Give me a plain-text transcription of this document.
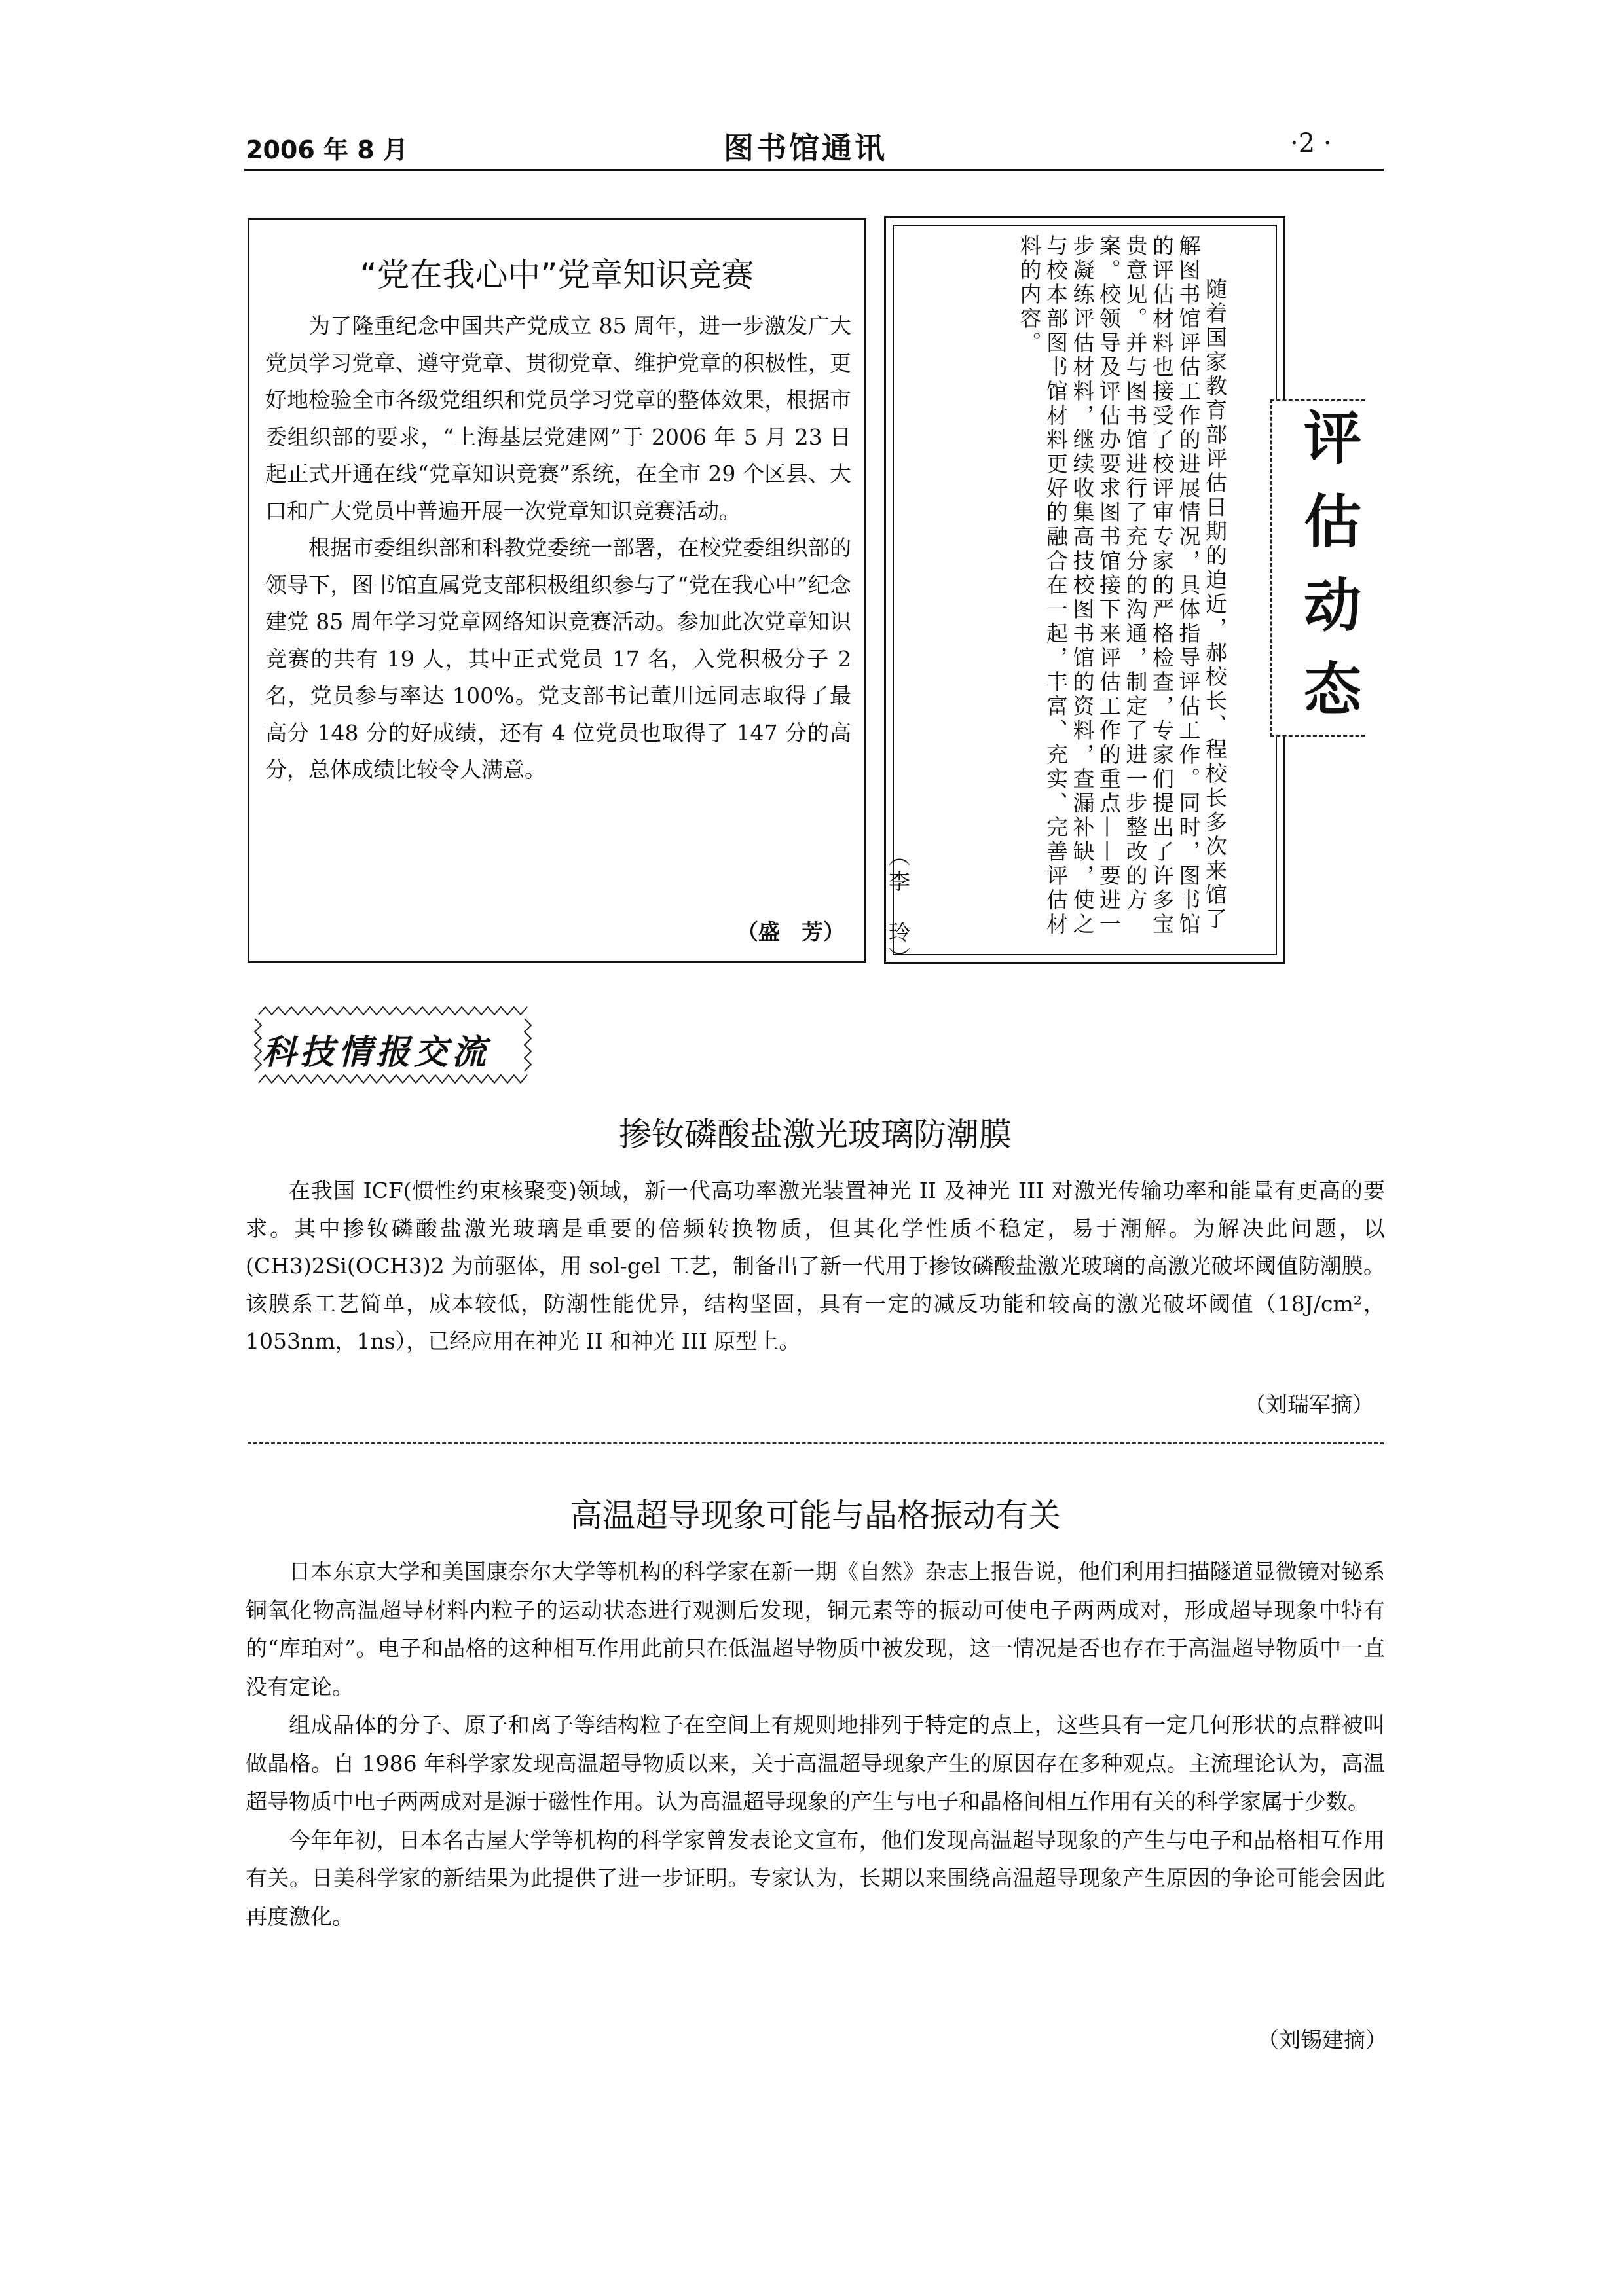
2006 年 8 月	图书馆通讯	·2 ·
“党在我心中”党章知识竞赛

为了隆重纪念中国共产党成立 85 周年，进一步激发广大党员学习党章、遵守党章、贯彻党章、维护党章的积极性，更好地检验全市各级党组织和党员学习党章的整体效果，根据市委组织部的要求，“上海基层党建网”于 2006 年 5 月 23 日起正式开通在线“党章知识竞赛”系统，在全市 29 个区县、大口和广大党员中普遍开展一次党章知识竞赛活动。

根据市委组织部和科教党委统一部署，在校党委组织部的领导下，图书馆直属党支部积极组织参与了“党在我心中”纪念建党 85 周年学习党章网络知识竞赛活动。参加此次党章知识竞赛的共有 19 人，其中正式党员 17 名，入党积极分子 2 名，党员参与率达 100%。党支部书记董川远同志取得了最高分 148 分的好成绩，还有 4 位党员也取得了 147 分的高分，总体成绩比较令人满意。

（盛　芳）

随着国家教育部评估日期的迫近，郝校长、程校长多次来馆了解图书馆评估工作的进展情况，具体指导评估工作。同时，图书馆的评估材料也接受了校评审专家的严格检查，专家们提出了许多宝贵意见。并与图书馆进行了充分的沟通，制定了进一步整改的方案。校领导及评估办要求图书馆接下来评估工作的重点——要进一步凝练评估材料，继续收集高技校图书馆的资料，查漏补缺，使之与校本部图书馆材料更好的融合在一起，丰富、充实、完善评估材料的内容。

（李　玲）
评估动态
科技情报交流
掺钕磷酸盐激光玻璃防潮膜

在我国 ICF(惯性约束核聚变)领域，新一代高功率激光装置神光 II 及神光 III 对激光传输功率和能量有更高的要求。其中掺钕磷酸盐激光玻璃是重要的倍频转换物质，但其化学性质不稳定，易于潮解。为解决此问题，以(CH3)2Si(OCH3)2 为前驱体，用 sol-gel 工艺，制备出了新一代用于掺钕磷酸盐激光玻璃的高激光破坏阈值防潮膜。该膜系工艺简单，成本较低，防潮性能优异，结构坚固，具有一定的减反功能和较高的激光破坏阈值（18J/cm²，1053nm，1ns），已经应用在神光 II 和神光 III 原型上。

（刘瑞军摘）
高温超导现象可能与晶格振动有关

日本东京大学和美国康奈尔大学等机构的科学家在新一期《自然》杂志上报告说，他们利用扫描隧道显微镜对铋系铜氧化物高温超导材料内粒子的运动状态进行观测后发现，铜元素等的振动可使电子两两成对，形成超导现象中特有的“库珀对”。电子和晶格的这种相互作用此前只在低温超导物质中被发现，这一情况是否也存在于高温超导物质中一直没有定论。

组成晶体的分子、原子和离子等结构粒子在空间上有规则地排列于特定的点上，这些具有一定几何形状的点群被叫做晶格。自 1986 年科学家发现高温超导物质以来，关于高温超导现象产生的原因存在多种观点。主流理论认为，高温超导物质中电子两两成对是源于磁性作用。认为高温超导现象的产生与电子和晶格间相互作用有关的科学家属于少数。

今年年初，日本名古屋大学等机构的科学家曾发表论文宣布，他们发现高温超导现象的产生与电子和晶格相互作用有关。日美科学家的新结果为此提供了进一步证明。专家认为，长期以来围绕高温超导现象产生原因的争论可能会因此再度激化。

（刘锡建摘）
